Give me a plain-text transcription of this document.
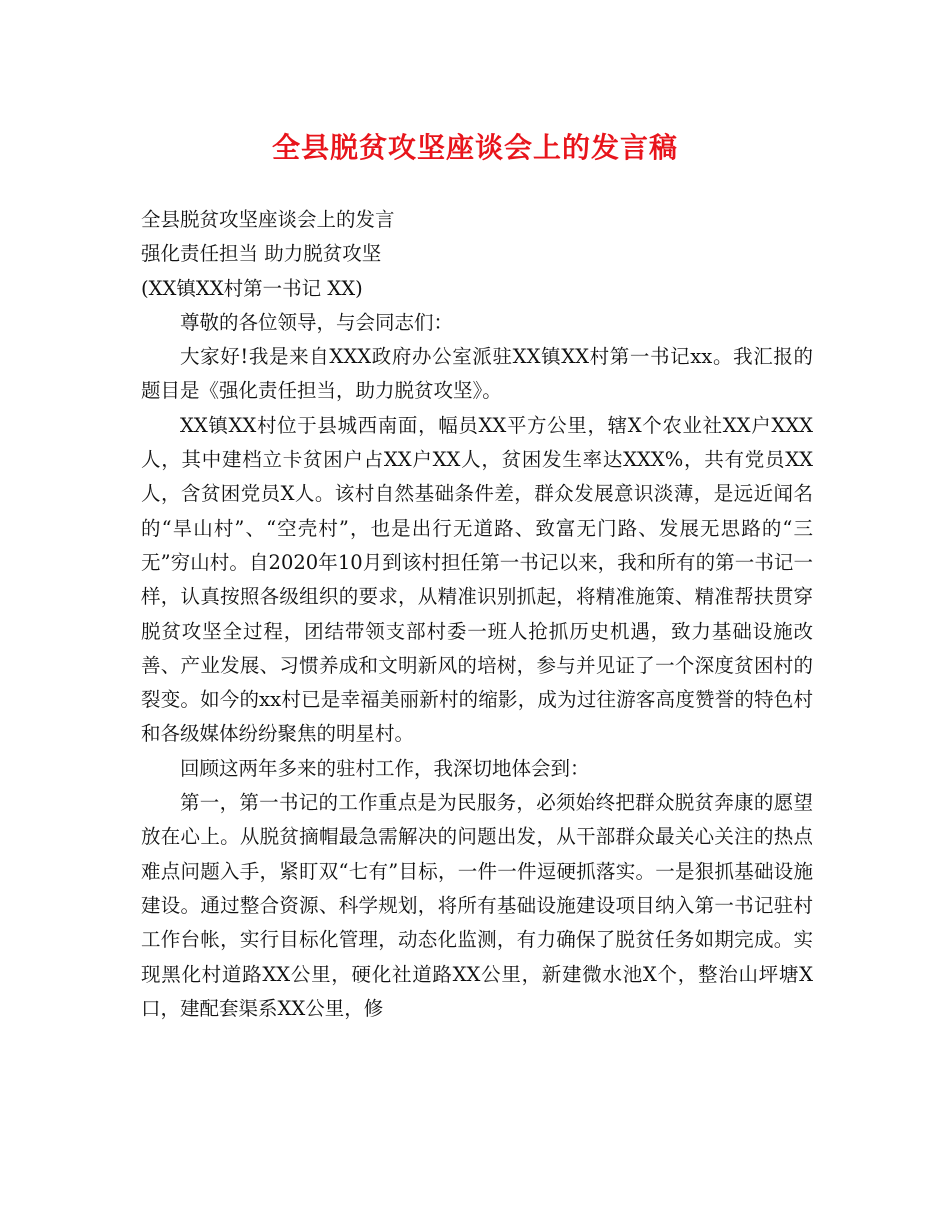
全县脱贫攻坚座谈会上的发言稿

全县脱贫攻坚座谈会上的发言

强化责任担当 助力脱贫攻坚

(XX镇XX村第一书记 XX)

尊敬的各位领导，与会同志们：

大家好!我是来自XXX政府办公室派驻XX镇XX村第一书记xx。我汇报的题目是《强化责任担当，助力脱贫攻坚》。

XX镇XX村位于县城西南面，幅员XX平方公里，辖X个农业社XX户XXX人，其中建档立卡贫困户占XX户XX人，贫困发生率达XXX%，共有党员XX人，含贫困党员X人。该村自然基础条件差，群众发展意识淡薄，是远近闻名的“旱山村”、“空壳村”，也是出行无道路、致富无门路、发展无思路的“三无”穷山村。自2020年10月到该村担任第一书记以来，我和所有的第一书记一样，认真按照各级组织的要求，从精准识别抓起，将精准施策、精准帮扶贯穿脱贫攻坚全过程，团结带领支部村委一班人抢抓历史机遇，致力基础设施改善、产业发展、习惯养成和文明新风的培树，参与并见证了一个深度贫困村的裂变。如今的xx村已是幸福美丽新村的缩影，成为过往游客高度赞誉的特色村和各级媒体纷纷聚焦的明星村。

回顾这两年多来的驻村工作，我深切地体会到：

第一，第一书记的工作重点是为民服务，必须始终把群众脱贫奔康的愿望放在心上。从脱贫摘帽最急需解决的问题出发，从干部群众最关心关注的热点难点问题入手，紧盯双“七有”目标，一件一件逗硬抓落实。一是狠抓基础设施建设。通过整合资源、科学规划，将所有基础设施建设项目纳入第一书记驻村工作台帐，实行目标化管理，动态化监测，有力确保了脱贫任务如期完成。实现黑化村道路XX公里，硬化社道路XX公里，新建微水池X个，整治山坪塘X口，建配套渠系XX公里，修
